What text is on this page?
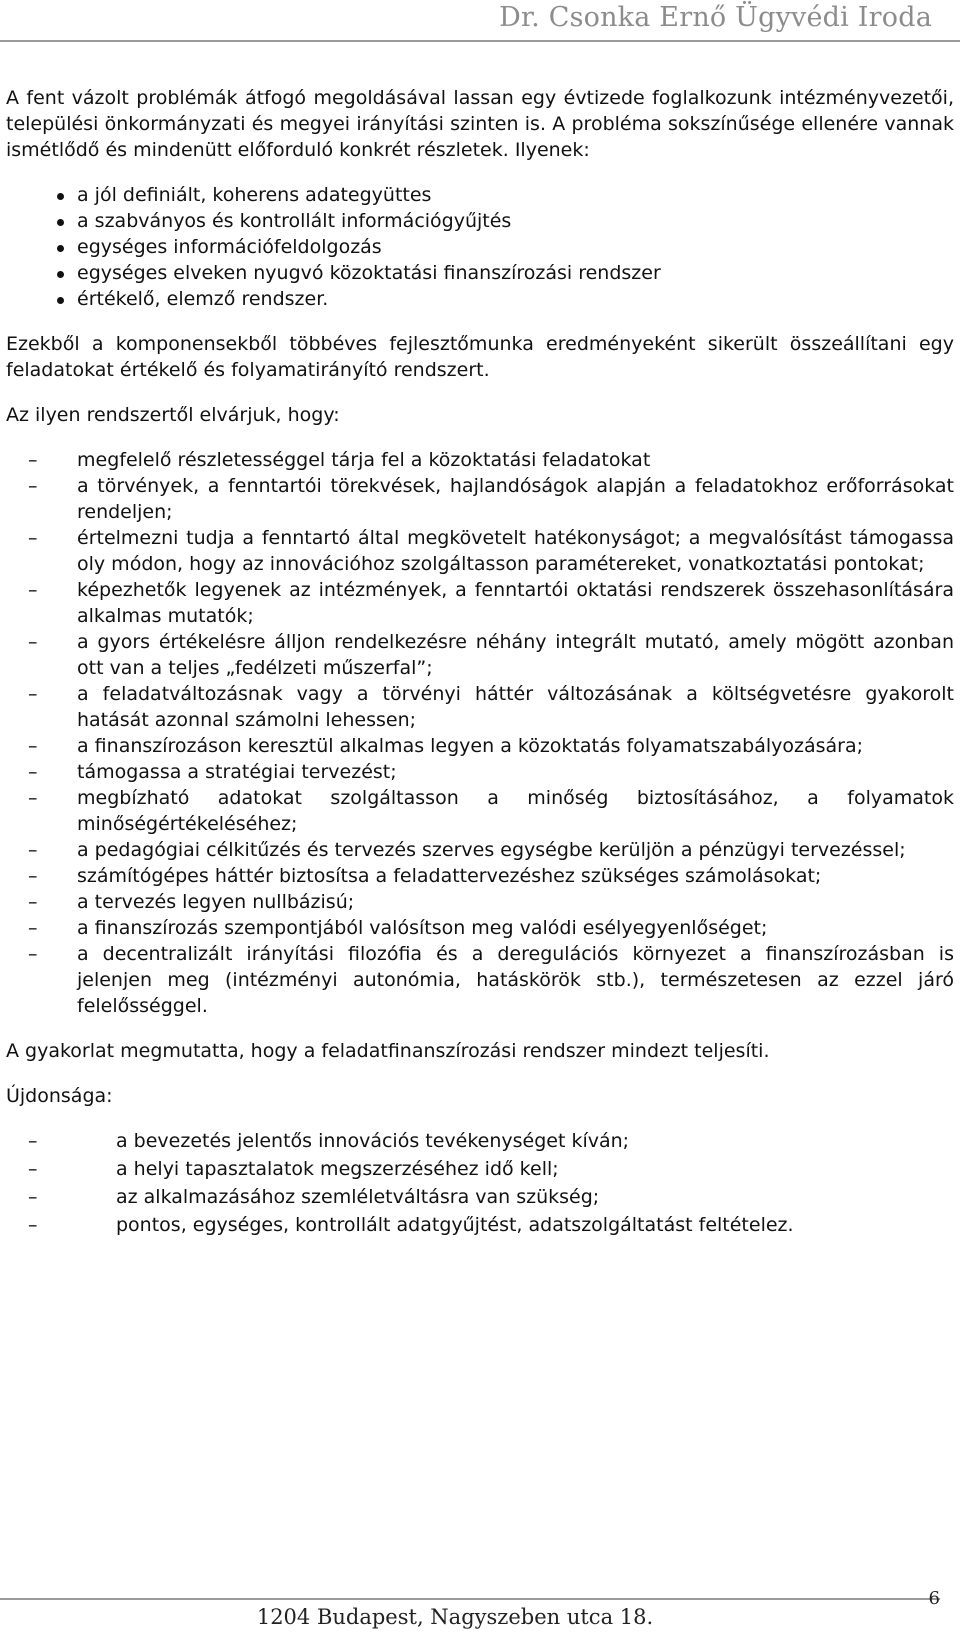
Dr. Csonka Ernő Ügyvédi Iroda

A fent vázolt problémák átfogó megoldásával lassan egy évtizede foglalkozunk intézményvezetői, települési önkormányzati és megyei irányítási szinten is. A probléma sokszínűsége ellenére vannak ismétlődő és mindenütt előforduló konkrét részletek. Ilyenek:

a jól definiált, koherens adategyüttes
a szabványos és kontrollált információgyűjtés
egységes információfeldolgozás
egységes elveken nyugvó közoktatási finanszírozási rendszer
értékelő, elemző rendszer.

Ezekből a komponensekből többéves fejlesztőmunka eredményeként sikerült összeállítani egy feladatokat értékelő és folyamatirányító rendszert.

Az ilyen rendszertől elvárjuk, hogy:

– megfelelő részletességgel tárja fel a közoktatási feladatokat
– a törvények, a fenntartói törekvések, hajlandóságok alapján a feladatokhoz erőforrásokat rendeljen;
– értelmezni tudja a fenntartó által megkövetelt hatékonyságot; a megvalósítást támogassa oly módon, hogy az innovációhoz szolgáltasson paramétereket, vonatkoztatási pontokat;
– képezhetők legyenek az intézmények, a fenntartói oktatási rendszerek összehasonlítására alkalmas mutatók;
– a gyors értékelésre álljon rendelkezésre néhány integrált mutató, amely mögött azonban ott van a teljes „fedélzeti műszerfal”;
– a feladatváltozásnak vagy a törvényi háttér változásának a költségvetésre gyakorolt hatását azonnal számolni lehessen;
– a finanszírozáson keresztül alkalmas legyen a közoktatás folyamatszabályozására;
– támogassa a stratégiai tervezést;
– megbízható adatokat szolgáltasson a minőség biztosításához, a folyamatok minőségértékeléséhez;
– a pedagógiai célkitűzés és tervezés szerves egységbe kerüljön a pénzügyi tervezéssel;
– számítógépes háttér biztosítsa a feladattervezéshez szükséges számolásokat;
– a tervezés legyen nullbázisú;
– a finanszírozás szempontjából valósítson meg valódi esélyegyenlőséget;
– a decentralizált irányítási filozófia és a deregulációs környezet a finanszírozásban is jelenjen meg (intézményi autonómia, hatáskörök stb.), természetesen az ezzel járó felelősséggel.

A gyakorlat megmutatta, hogy a feladatfinanszírozási rendszer mindezt teljesíti.

Újdonsága:

–	a bevezetés jelentős innovációs tevékenységet kíván;
–	a helyi tapasztalatok megszerzéséhez idő kell;
–	az alkalmazásához szemléletváltásra van szükség;
–	pontos, egységes, kontrollált adatgyűjtést, adatszolgáltatást feltételez.
1204 Budapest, Nagyszeben utca 18.
6
